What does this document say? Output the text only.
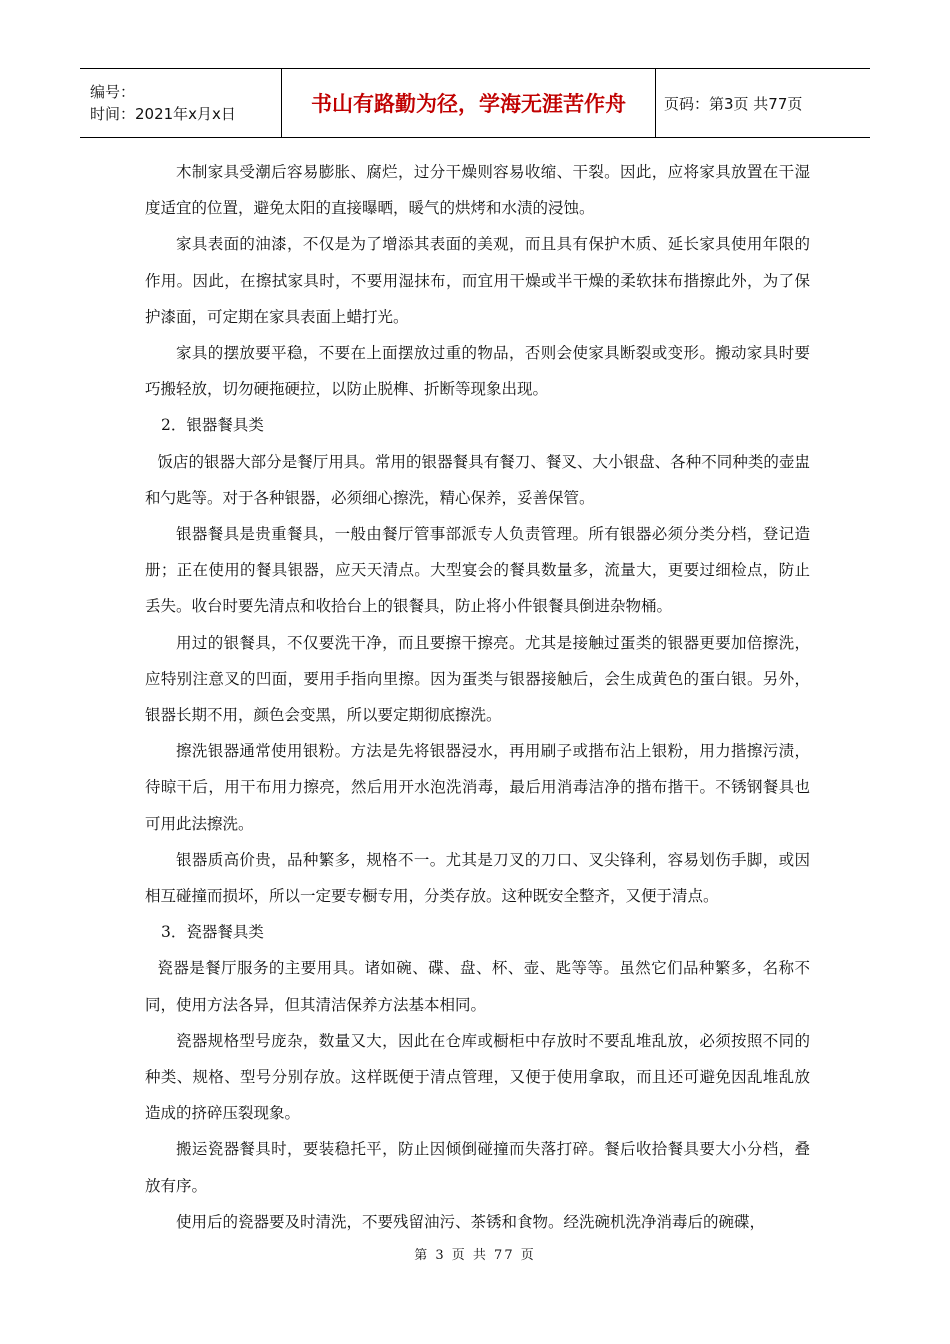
编号：
时间：2021年x月x日	书山有路勤为径，学海无涯苦作舟	页码：第3页 共77页

木制家具受潮后容易膨胀、腐烂，过分干燥则容易收缩、干裂。因此，应将家具放置在干湿度适宜的位置，避免太阳的直接曝晒，暖气的烘烤和水渍的浸蚀。

家具表面的油漆，不仅是为了增添其表面的美观，而且具有保护木质、延长家具使用年限的作用。因此，在擦拭家具时，不要用湿抹布，而宜用干燥或半干燥的柔软抹布揩擦此外，为了保护漆面，可定期在家具表面上蜡打光。

家具的摆放要平稳，不要在上面摆放过重的物品，否则会使家具断裂或变形。搬动家具时要巧搬轻放，切勿硬拖硬拉，以防止脱榫、折断等现象出现。

2．银器餐具类

饭店的银器大部分是餐厅用具。常用的银器餐具有餐刀、餐叉、大小银盘、各种不同种类的壶盅和勺匙等。对于各种银器，必须细心擦洗，精心保养，妥善保管。

银器餐具是贵重餐具，一般由餐厅管事部派专人负责管理。所有银器必须分类分档，登记造册；正在使用的餐具银器，应天天清点。大型宴会的餐具数量多，流量大，更要过细检点，防止丢失。收台时要先清点和收拾台上的银餐具，防止将小件银餐具倒进杂物桶。

用过的银餐具，不仅要洗干净，而且要擦干擦亮。尤其是接触过蛋类的银器更要加倍擦洗，应特别注意叉的凹面，要用手指向里擦。因为蛋类与银器接触后，会生成黄色的蛋白银。另外，银器长期不用，颜色会变黑，所以要定期彻底擦洗。

擦洗银器通常使用银粉。方法是先将银器浸水，再用刷子或揩布沾上银粉，用力揩擦污渍，待晾干后，用干布用力擦亮，然后用开水泡洗消毒，最后用消毒洁净的揩布揩干。不锈钢餐具也可用此法擦洗。

银器质高价贵，品种繁多，规格不一。尤其是刀叉的刀口、叉尖锋利，容易划伤手脚，或因相互碰撞而损坏，所以一定要专橱专用，分类存放。这种既安全整齐，又便于清点。

3．瓷器餐具类

瓷器是餐厅服务的主要用具。诸如碗、碟、盘、杯、壶、匙等等。虽然它们品种繁多，名称不同，使用方法各异，但其清洁保养方法基本相同。

瓷器规格型号庞杂，数量又大，因此在仓库或橱柜中存放时不要乱堆乱放，必须按照不同的种类、规格、型号分别存放。这样既便于清点管理，又便于使用拿取，而且还可避免因乱堆乱放造成的挤碎压裂现象。

搬运瓷器餐具时，要装稳托平，防止因倾倒碰撞而失落打碎。餐后收拾餐具要大小分档，叠放有序。

使用后的瓷器要及时清洗，不要残留油污、茶锈和食物。经洗碗机洗净消毒后的碗碟，

第 3 页 共 77 页
